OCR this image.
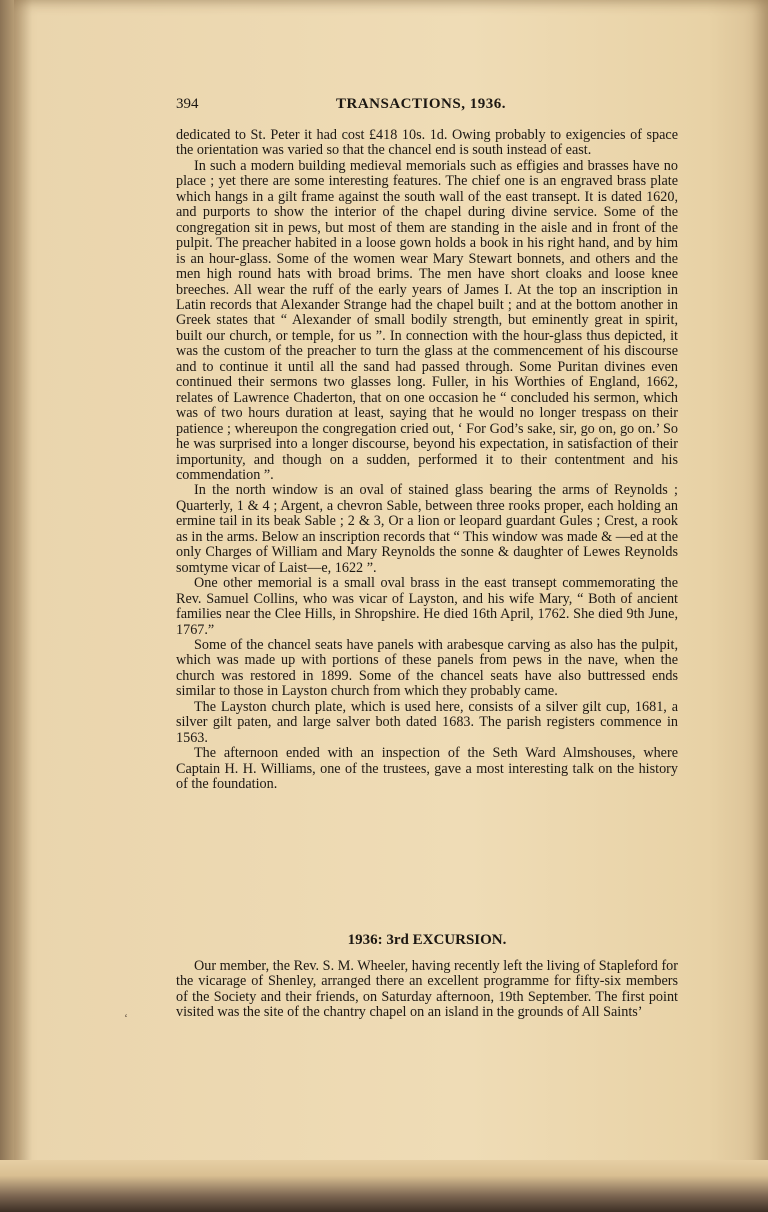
394	TRANSACTIONS, 1936.

dedicated to St. Peter it had cost £418 10s. 1d. Owing probably to exigencies of space the orientation was varied so that the chancel end is south instead of east.

In such a modern building medieval memorials such as effigies and brasses have no place ; yet there are some interesting features. The chief one is an engraved brass plate which hangs in a gilt frame against the south wall of the east transept. It is dated 1620, and purports to show the interior of the chapel during divine service. Some of the congregation sit in pews, but most of them are standing in the aisle and in front of the pulpit. The preacher habited in a loose gown holds a book in his right hand, and by him is an hour-glass. Some of the women wear Mary Stewart bonnets, and others and the men high round hats with broad brims. The men have short cloaks and loose knee breeches. All wear the ruff of the early years of James I. At the top an inscription in Latin records that Alexander Strange had the chapel built ; and at the bottom another in Greek states that “ Alexander of small bodily strength, but eminently great in spirit, built our church, or temple, for us ”. In connection with the hour-glass thus depicted, it was the custom of the preacher to turn the glass at the commencement of his discourse and to continue it until all the sand had passed through. Some Puritan divines even continued their sermons two glasses long. Fuller, in his Worthies of England, 1662, relates of Lawrence Chaderton, that on one occasion he “ concluded his sermon, which was of two hours duration at least, saying that he would no longer trespass on their patience ; whereupon the congregation cried out, ‘ For God’s sake, sir, go on, go on.’ So he was surprised into a longer discourse, beyond his expectation, in satisfaction of their importunity, and though on a sudden, performed it to their contentment and his commendation ”.

In the north window is an oval of stained glass bearing the arms of Reynolds ; Quarterly, 1 & 4 ; Argent, a chevron Sable, between three rooks proper, each holding an ermine tail in its beak Sable ; 2 & 3, Or a lion or leopard guardant Gules ; Crest, a rook as in the arms. Below an inscription records that “ This window was made & —ed at the only Charges of William and Mary Reynolds the sonne & daughter of Lewes Reynolds somtyme vicar of Laist—e, 1622 ”.

One other memorial is a small oval brass in the east transept commemorating the Rev. Samuel Collins, who was vicar of Layston, and his wife Mary, “ Both of ancient families near the Clee Hills, in Shropshire. He died 16th April, 1762. She died 9th June, 1767.”

Some of the chancel seats have panels with arabesque carving as also has the pulpit, which was made up with portions of these panels from pews in the nave, when the church was restored in 1899. Some of the chancel seats have also buttressed ends similar to those in Layston church from which they probably came.

The Layston church plate, which is used here, consists of a silver gilt cup, 1681, a silver gilt paten, and large salver both dated 1683. The parish registers commence in 1563.

The afternoon ended with an inspection of the Seth Ward Almshouses, where Captain H. H. Williams, one of the trustees, gave a most interesting talk on the history of the foundation.

1936: 3rd EXCURSION.

Our member, the Rev. S. M. Wheeler, having recently left the living of Stapleford for the vicarage of Shenley, arranged there an excellent programme for fifty-six members of the Society and their friends, on Saturday afternoon, 19th September. The first point visited was the site of the chantry chapel on an island in the grounds of All Saints’

‘
